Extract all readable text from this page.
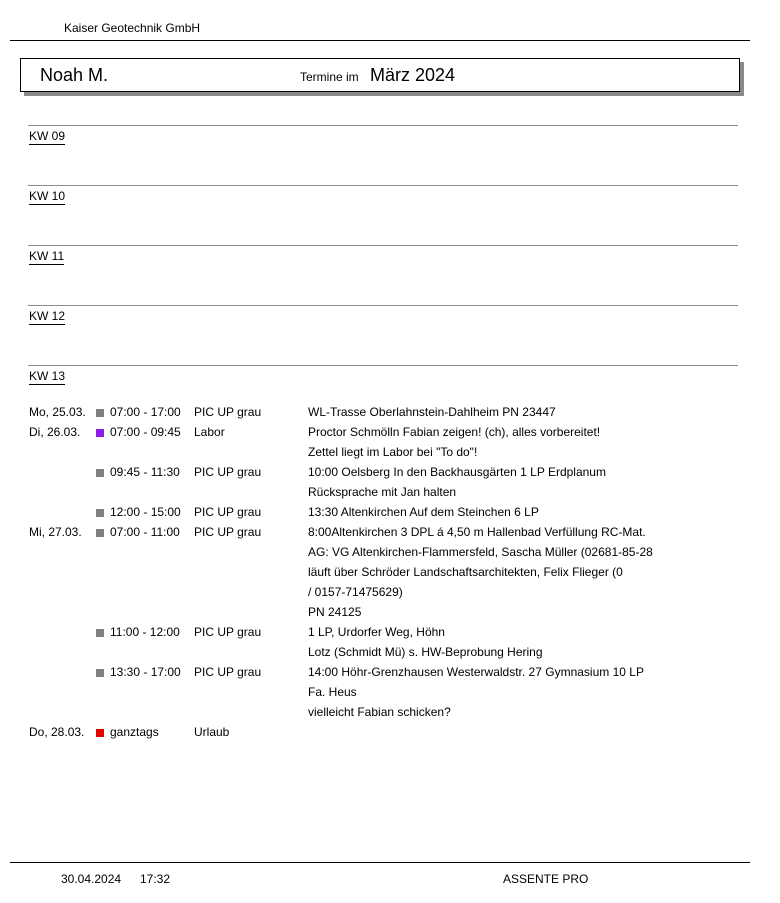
Kaiser Geotechnik GmbH
Noah M.	Termine im März 2024
KW 09
KW 10
KW 11
KW 12
KW 13
Mo, 25.03. 07:00 - 17:00 PIC UP grau	WL-Trasse Oberlahnstein-Dahlheim PN 23447
Di, 26.03. 07:00 - 09:45 Labor	Proctor Schmölln Fabian zeigen! (ch), alles vorbereitet!
Zettel liegt im Labor bei "To do"!
09:45 - 11:30 PIC UP grau	10:00 Oelsberg In den Backhausgärten 1 LP Erdplanum
Rücksprache mit Jan halten
12:00 - 15:00 PIC UP grau	13:30 Altenkirchen Auf dem Steinchen 6 LP
Mi, 27.03. 07:00 - 11:00 PIC UP grau	8:00Altenkirchen 3 DPL á 4,50 m Hallenbad Verfüllung RC-Mat.
AG: VG Altenkirchen-Flammersfeld, Sascha Müller (02681-85-28
läuft über Schröder Landschaftsarchitekten, Felix Flieger (0
/ 0157-71475629)
PN 24125
11:00 - 12:00 PIC UP grau	1 LP, Urdorfer Weg, Höhn
Lotz (Schmidt Mü) s. HW-Beprobung Hering
13:30 - 17:00 PIC UP grau	14:00 Höhr-Grenzhausen Westerwaldstr. 27 Gymnasium 10 LP
Fa. Heus
vielleicht Fabian schicken?
Do, 28.03. ganztags	Urlaub
30.04.2024 17:32	ASSENTE PRO
